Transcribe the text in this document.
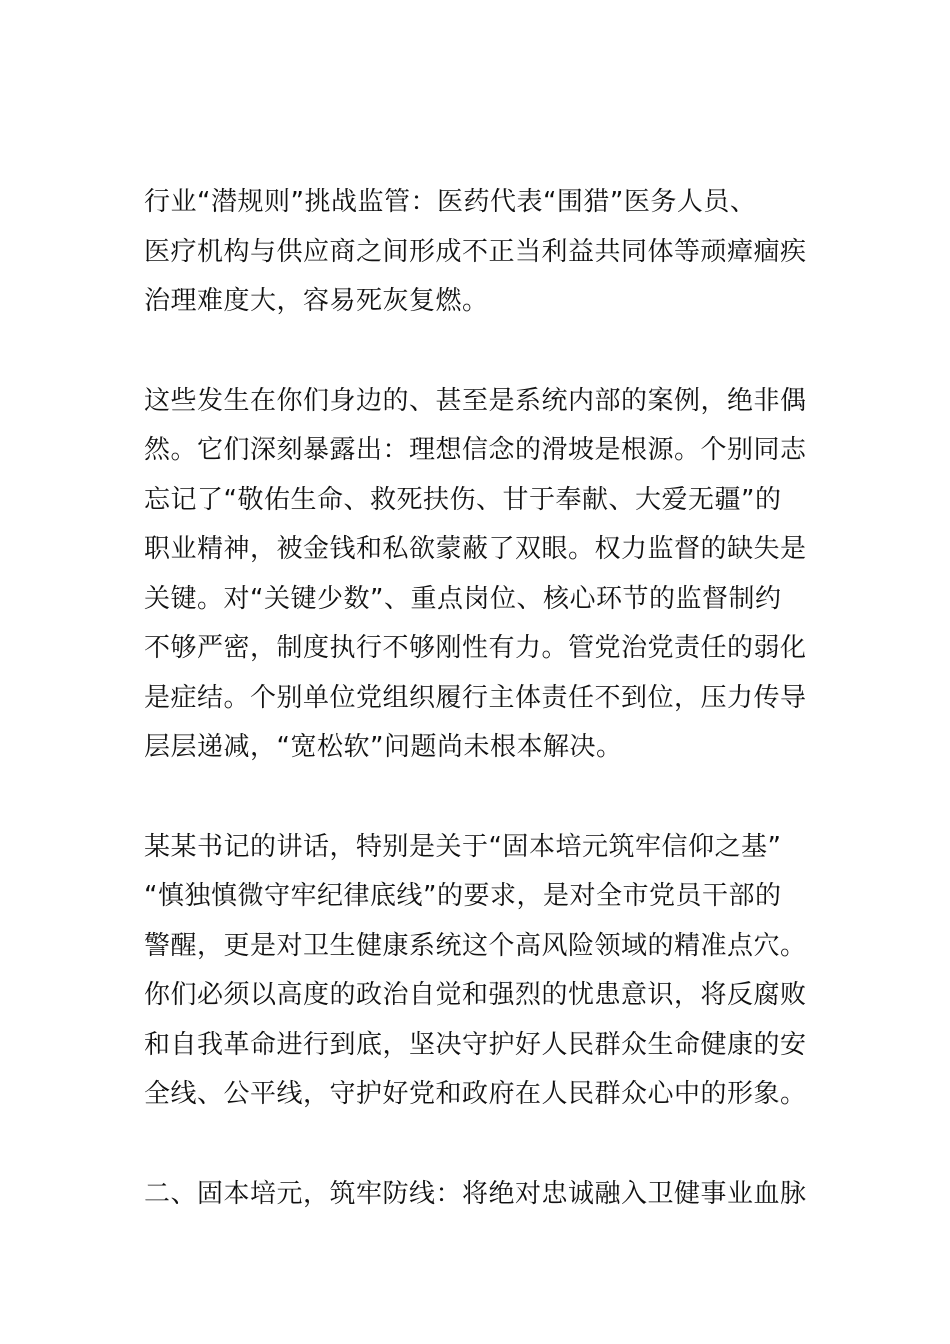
行业“潜规则”挑战监管：医药代表“围猎”医务人员、
医疗机构与供应商之间形成不正当利益共同体等顽瘴痼疾
治理难度大，容易死灰复燃。

这些发生在你们身边的、甚至是系统内部的案例，绝非偶
然。它们深刻暴露出：理想信念的滑坡是根源。个别同志
忘记了“敬佑生命、救死扶伤、甘于奉献、大爱无疆”的
职业精神，被金钱和私欲蒙蔽了双眼。权力监督的缺失是
关键。对“关键少数”、重点岗位、核心环节的监督制约
不够严密，制度执行不够刚性有力。管党治党责任的弱化
是症结。个别单位党组织履行主体责任不到位，压力传导
层层递减，“宽松软”问题尚未根本解决。

某某书记的讲话，特别是关于“固本培元筑牢信仰之基”
“慎独慎微守牢纪律底线”的要求，是对全市党员干部的
警醒，更是对卫生健康系统这个高风险领域的精准点穴。
你们必须以高度的政治自觉和强烈的忧患意识，将反腐败
和自我革命进行到底，坚决守护好人民群众生命健康的安
全线、公平线，守护好党和政府在人民群众心中的形象。

二、固本培元，筑牢防线：将绝对忠诚融入卫健事业血脉
